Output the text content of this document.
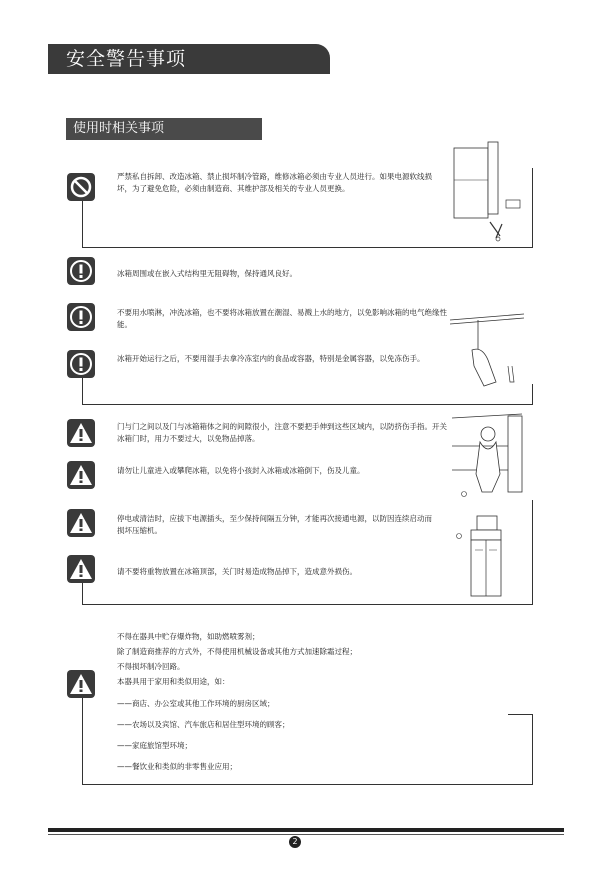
安全警告事项
使用时相关事项
严禁私自拆卸、改造冰箱、禁止损坏制冷管路，维修冰箱必须由专业人员进行。如果电源软线损坏，为了避免危险，必须由制造商、其维护部及相关的专业人员更换。
冰箱周围或在嵌入式结构里无阻碍物，保持通风良好。
不要用水喷淋，冲洗冰箱，也不要将冰箱放置在潮湿、易溅上水的地方，以免影响冰箱的电气绝缘性能。
冰箱开始运行之后，不要用湿手去拿冷冻室内的食品或容器，特别是金属容器，以免冻伤手。
门与门之间以及门与冰箱箱体之间的间隙很小，注意不要把手伸到这些区域内，以防挤伤手指。开关冰箱门时，用力不要过大，以免物品掉落。
请勿让儿童进入或攀爬冰箱，以免将小孩封入冰箱或冰箱倒下，伤及儿童。
停电或清洁时，应拔下电源插头，至少保持间隔五分钟，才能再次接通电源，以防因连续启动而损坏压缩机。
请不要将重物放置在冰箱顶部，关门时易造成物品掉下，造成意外损伤。
不得在器具中贮存爆炸物，如助燃喷雾剂；
除了制造商推荐的方式外，不得使用机械设备或其他方式加速除霜过程；
不得损坏制冷回路。
本器具用于家用和类似用途，如：
——商店、办公室或其他工作环境的厨房区域；
——农场以及宾馆、汽车旅店和居住型环境的顾客；
——家庭旅馆型环境；
——餐饮业和类似的非零售业应用；
2
